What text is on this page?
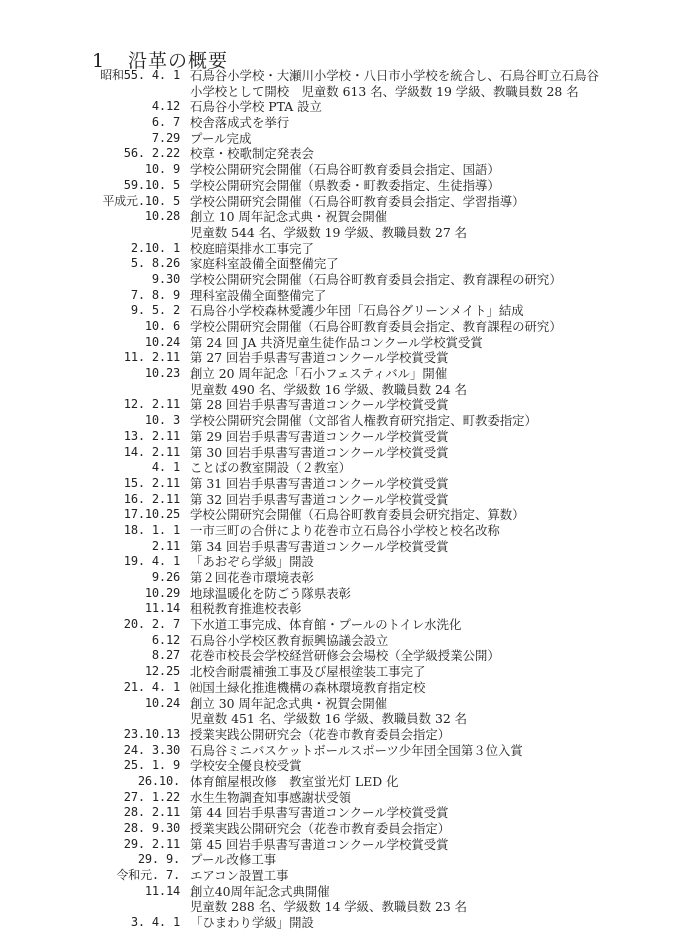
1 沿革の概要
昭和55. 4. 1 石鳥谷小学校・大瀬川小学校・八日市小学校を統合し、石鳥谷町立石鳥谷
小学校として開校　児童数 613 名、学級数 19 学級、教職員数 28 名
4.12 石鳥谷小学校 PTA 設立
6. 7 校舎落成式を挙行
7.29 プール完成
56. 2.22 校章・校歌制定発表会
10. 9 学校公開研究会開催（石鳥谷町教育委員会指定、国語）
59.10. 5 学校公開研究会開催（県教委・町教委指定、生徒指導）
平成元.10. 5 学校公開研究会開催（石鳥谷町教育委員会指定、学習指導）
10.28 創立 10 周年記念式典・祝賀会開催
児童数 544 名、学級数 19 学級、教職員数 27 名
2.10. 1 校庭暗渠排水工事完了
5. 8.26 家庭科室設備全面整備完了
9.30 学校公開研究会開催（石鳥谷町教育委員会指定、教育課程の研究）
7. 8. 9 理科室設備全面整備完了
9. 5. 2 石鳥谷小学校森林愛護少年団「石鳥谷グリーンメイト」結成
10. 6 学校公開研究会開催（石鳥谷町教育委員会指定、教育課程の研究）
10.24 第 24 回 JA 共済児童生徒作品コンクール学校賞受賞
11. 2.11 第 27 回岩手県書写書道コンクール学校賞受賞
10.23 創立 20 周年記念「石小フェスティバル」開催
児童数 490 名、学級数 16 学級、教職員数 24 名
12. 2.11 第 28 回岩手県書写書道コンクール学校賞受賞
10. 3 学校公開研究会開催（文部省人権教育研究指定、町教委指定）
13. 2.11 第 29 回岩手県書写書道コンクール学校賞受賞
14. 2.11 第 30 回岩手県書写書道コンクール学校賞受賞
4. 1 ことばの教室開設（２教室）
15. 2.11 第 31 回岩手県書写書道コンクール学校賞受賞
16. 2.11 第 32 回岩手県書写書道コンクール学校賞受賞
17.10.25 学校公開研究会開催（石鳥谷町教育委員会研究指定、算数）
18. 1. 1 一市三町の合併により花巻市立石鳥谷小学校と校名改称
2.11 第 34 回岩手県書写書道コンクール学校賞受賞
19. 4. 1 「あおぞら学級」開設
9.26 第２回花巻市環境表彰
10.29 地球温暖化を防ごう隊県表彰
11.14 租税教育推進校表彰
20. 2. 7 下水道工事完成、体育館・プールのトイレ水洗化
6.12 石鳥谷小学校区教育振興協議会設立
8.27 花巻市校長会学校経営研修会会場校（全学級授業公開）
12.25 北校舎耐震補強工事及び屋根塗装工事完了
21. 4. 1 ㈳国土緑化推進機構の森林環境教育指定校
10.24 創立 30 周年記念式典・祝賀会開催
児童数 451 名、学級数 16 学級、教職員数 32 名
23.10.13 授業実践公開研究会（花巻市教育委員会指定）
24. 3.30 石鳥谷ミニバスケットボールスポーツ少年団全国第３位入賞
25. 1. 9 学校安全優良校受賞
26.10. 体育館屋根改修　教室蛍光灯 LED 化
27. 1.22 水生生物調査知事感謝状受領
28. 2.11 第 44 回岩手県書写書道コンクール学校賞受賞
28. 9.30 授業実践公開研究会（花巻市教育委員会指定）
29. 2.11 第 45 回岩手県書写書道コンクール学校賞受賞
29. 9. プール改修工事
令和元. 7. エアコン設置工事
11.14 創立40周年記念式典開催
児童数 288 名、学級数 14 学級、教職員数 23 名
3. 4. 1 「ひまわり学級」開設
